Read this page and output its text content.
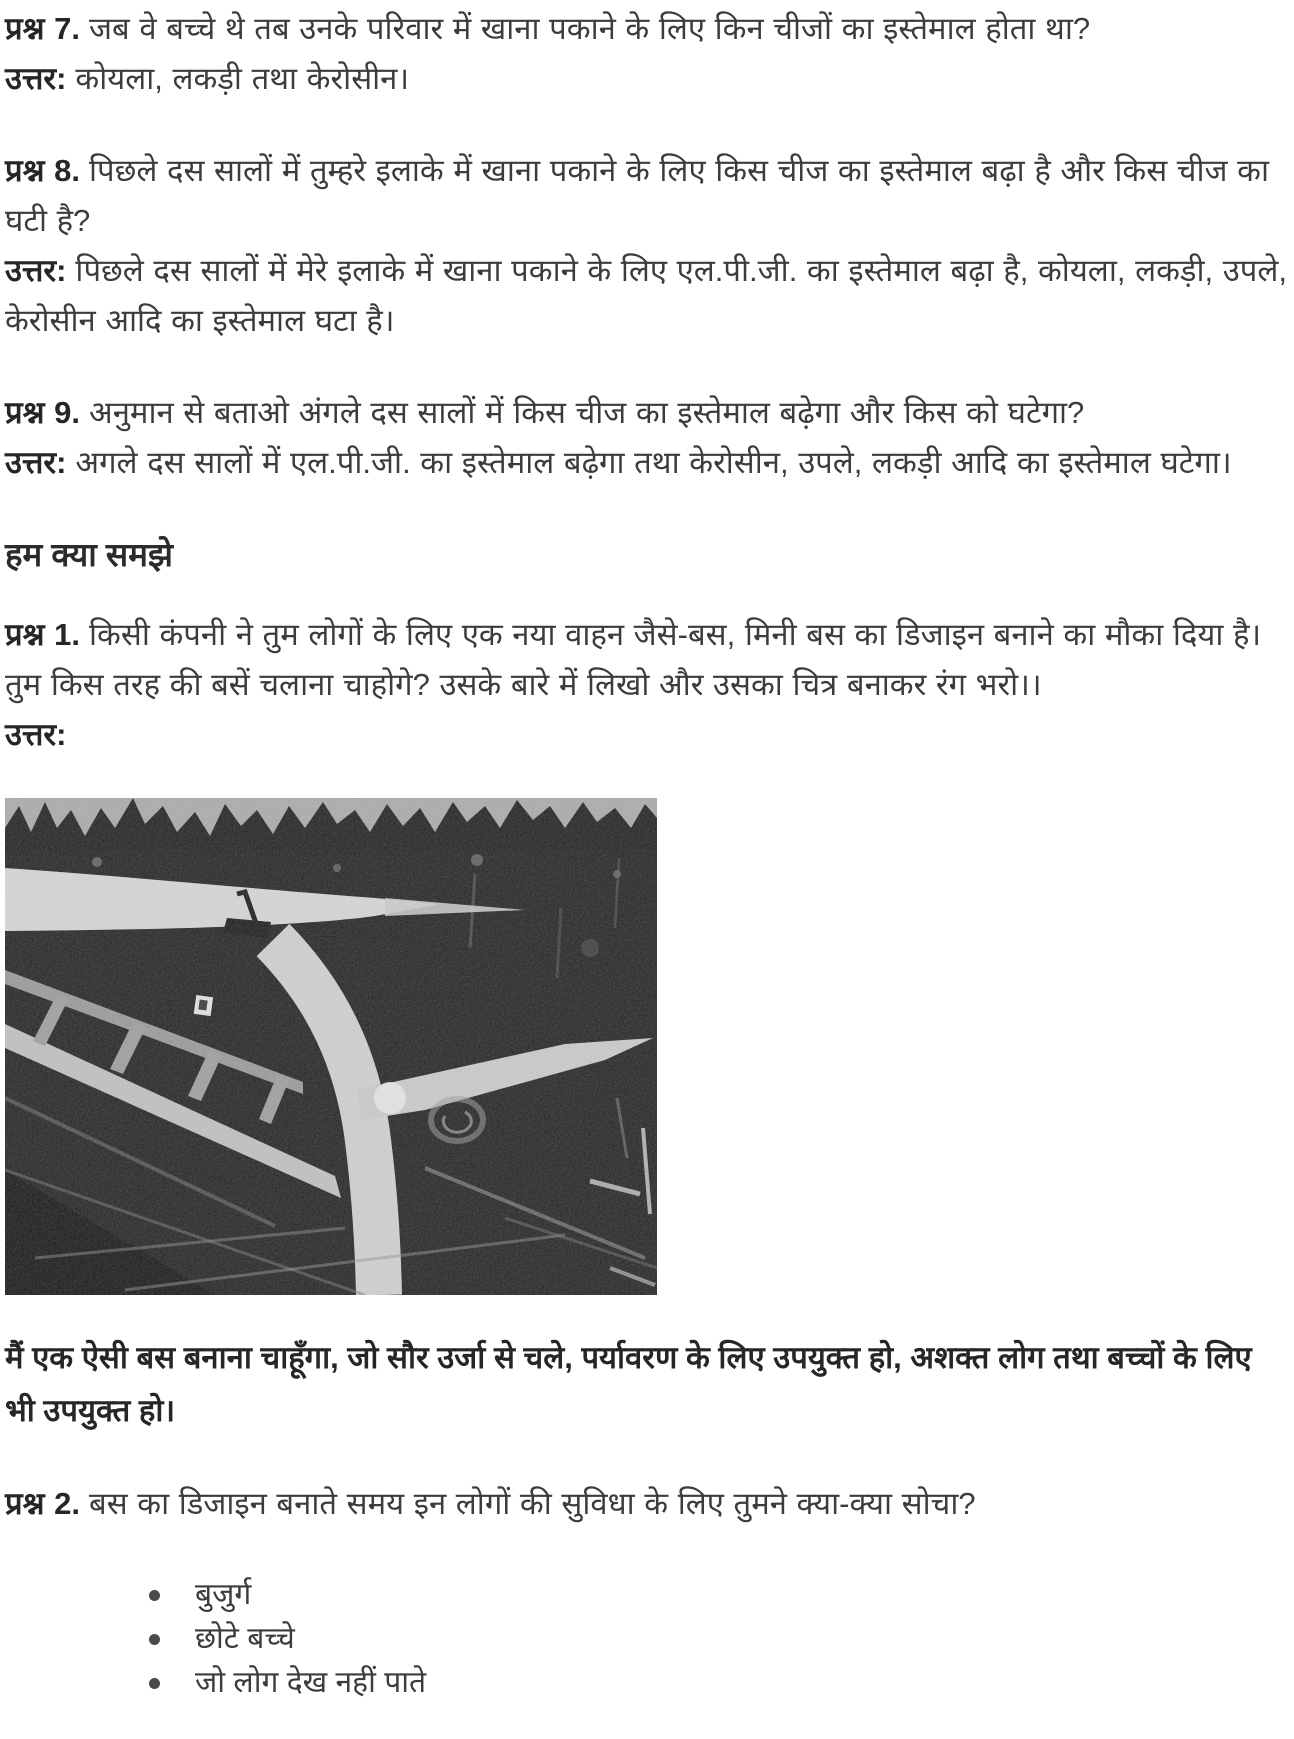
प्रश्न 7. जब वे बच्चे थे तब उनके परिवार में खाना पकाने के लिए किन चीजों का इस्तेमाल होता था?

उत्तर: कोयला, लकड़ी तथा केरोसीन।

प्रश्न 8. पिछले दस सालों में तुम्हरे इलाके में खाना पकाने के लिए किस चीज का इस्तेमाल बढ़ा है और किस चीज का घटी है?

उत्तर: पिछले दस सालों में मेरे इलाके में खाना पकाने के लिए एल.पी.जी. का इस्तेमाल बढ़ा है, कोयला, लकड़ी, उपले, केरोसीन आदि का इस्तेमाल घटा है।

प्रश्न 9. अनुमान से बताओ अंगले दस सालों में किस चीज का इस्तेमाल बढ़ेगा और किस को घटेगा?

उत्तर: अगले दस सालों में एल.पी.जी. का इस्तेमाल बढ़ेगा तथा केरोसीन, उपले, लकड़ी आदि का इस्तेमाल घटेगा।

हम क्या समझे

प्रश्न 1. किसी कंपनी ने तुम लोगों के लिए एक नया वाहन जैसे-बस, मिनी बस का डिजाइन बनाने का मौका दिया है। तुम किस तरह की बसें चलाना चाहोगे? उसके बारे में लिखो और उसका चित्र बनाकर रंग भरो।।

उत्तर:

मैं एक ऐसी बस बनाना चाहूँगा, जो सौर उर्जा से चले, पर्यावरण के लिए उपयुक्त हो, अशक्त लोग तथा बच्चों के लिए भी उपयुक्त हो।

प्रश्न 2. बस का डिजाइन बनाते समय इन लोगों की सुविधा के लिए तुमने क्या-क्या सोचा?

बुजुर्ग
छोटे बच्चे
जो लोग देख नहीं पाते
